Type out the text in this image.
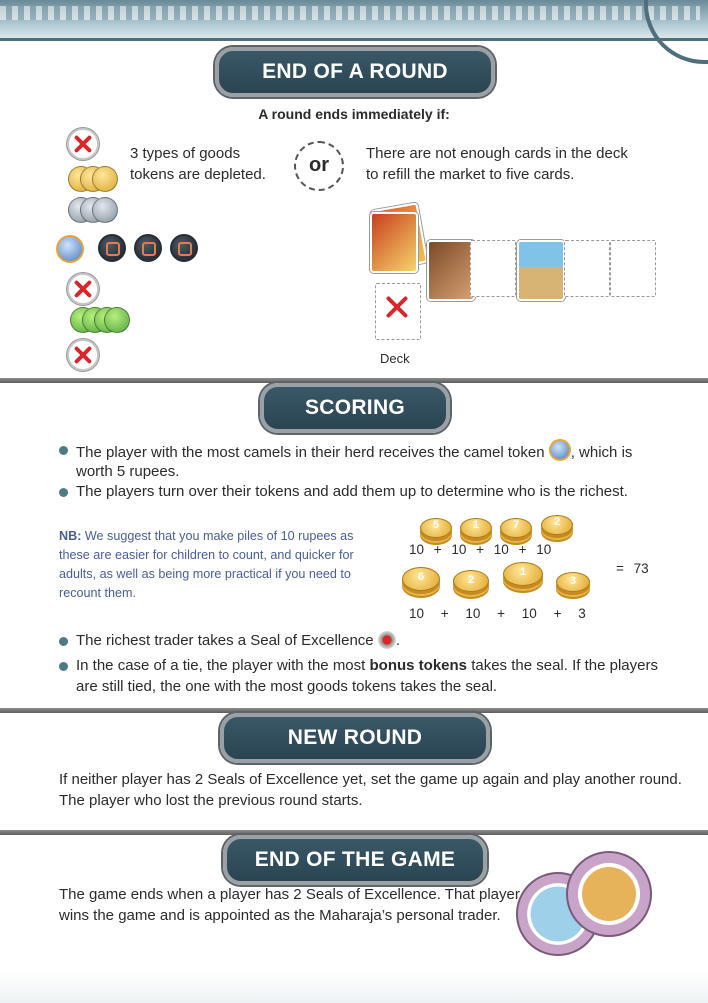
END OF A ROUND
A round ends immediately if:
3 types of goods
tokens are depleted.	or
There are not enough cards in the deck
to refill the market to five cards.
Deck
SCORING
The player with the most camels in their herd receives the camel token , which is
worth 5 rupees.
The players turn over their tokens and add them up to determine who is the richest.
NB: We suggest that you make piles of 10 rupees as
these are easier for children to count, and quicker for
adults, as well as being more practical if you need to
recount them.
5	1	7	2
10 + 10 + 10 + 10
6	2
1
3
10 + 10 + 10 + 3
= 73
The richest trader takes a Seal of Excellence .
In the case of a tie, the player with the most bonus tokens takes the seal. If the players
are still tied, the one with the most goods tokens takes the seal.
NEW ROUND
If neither player has 2 Seals of Excellence yet, set the game up again and play another round.
The player who lost the previous round starts.
END OF THE GAME
The game ends when a player has 2 Seals of Excellence. That player
wins the game and is appointed as the Maharaja’s personal trader.
